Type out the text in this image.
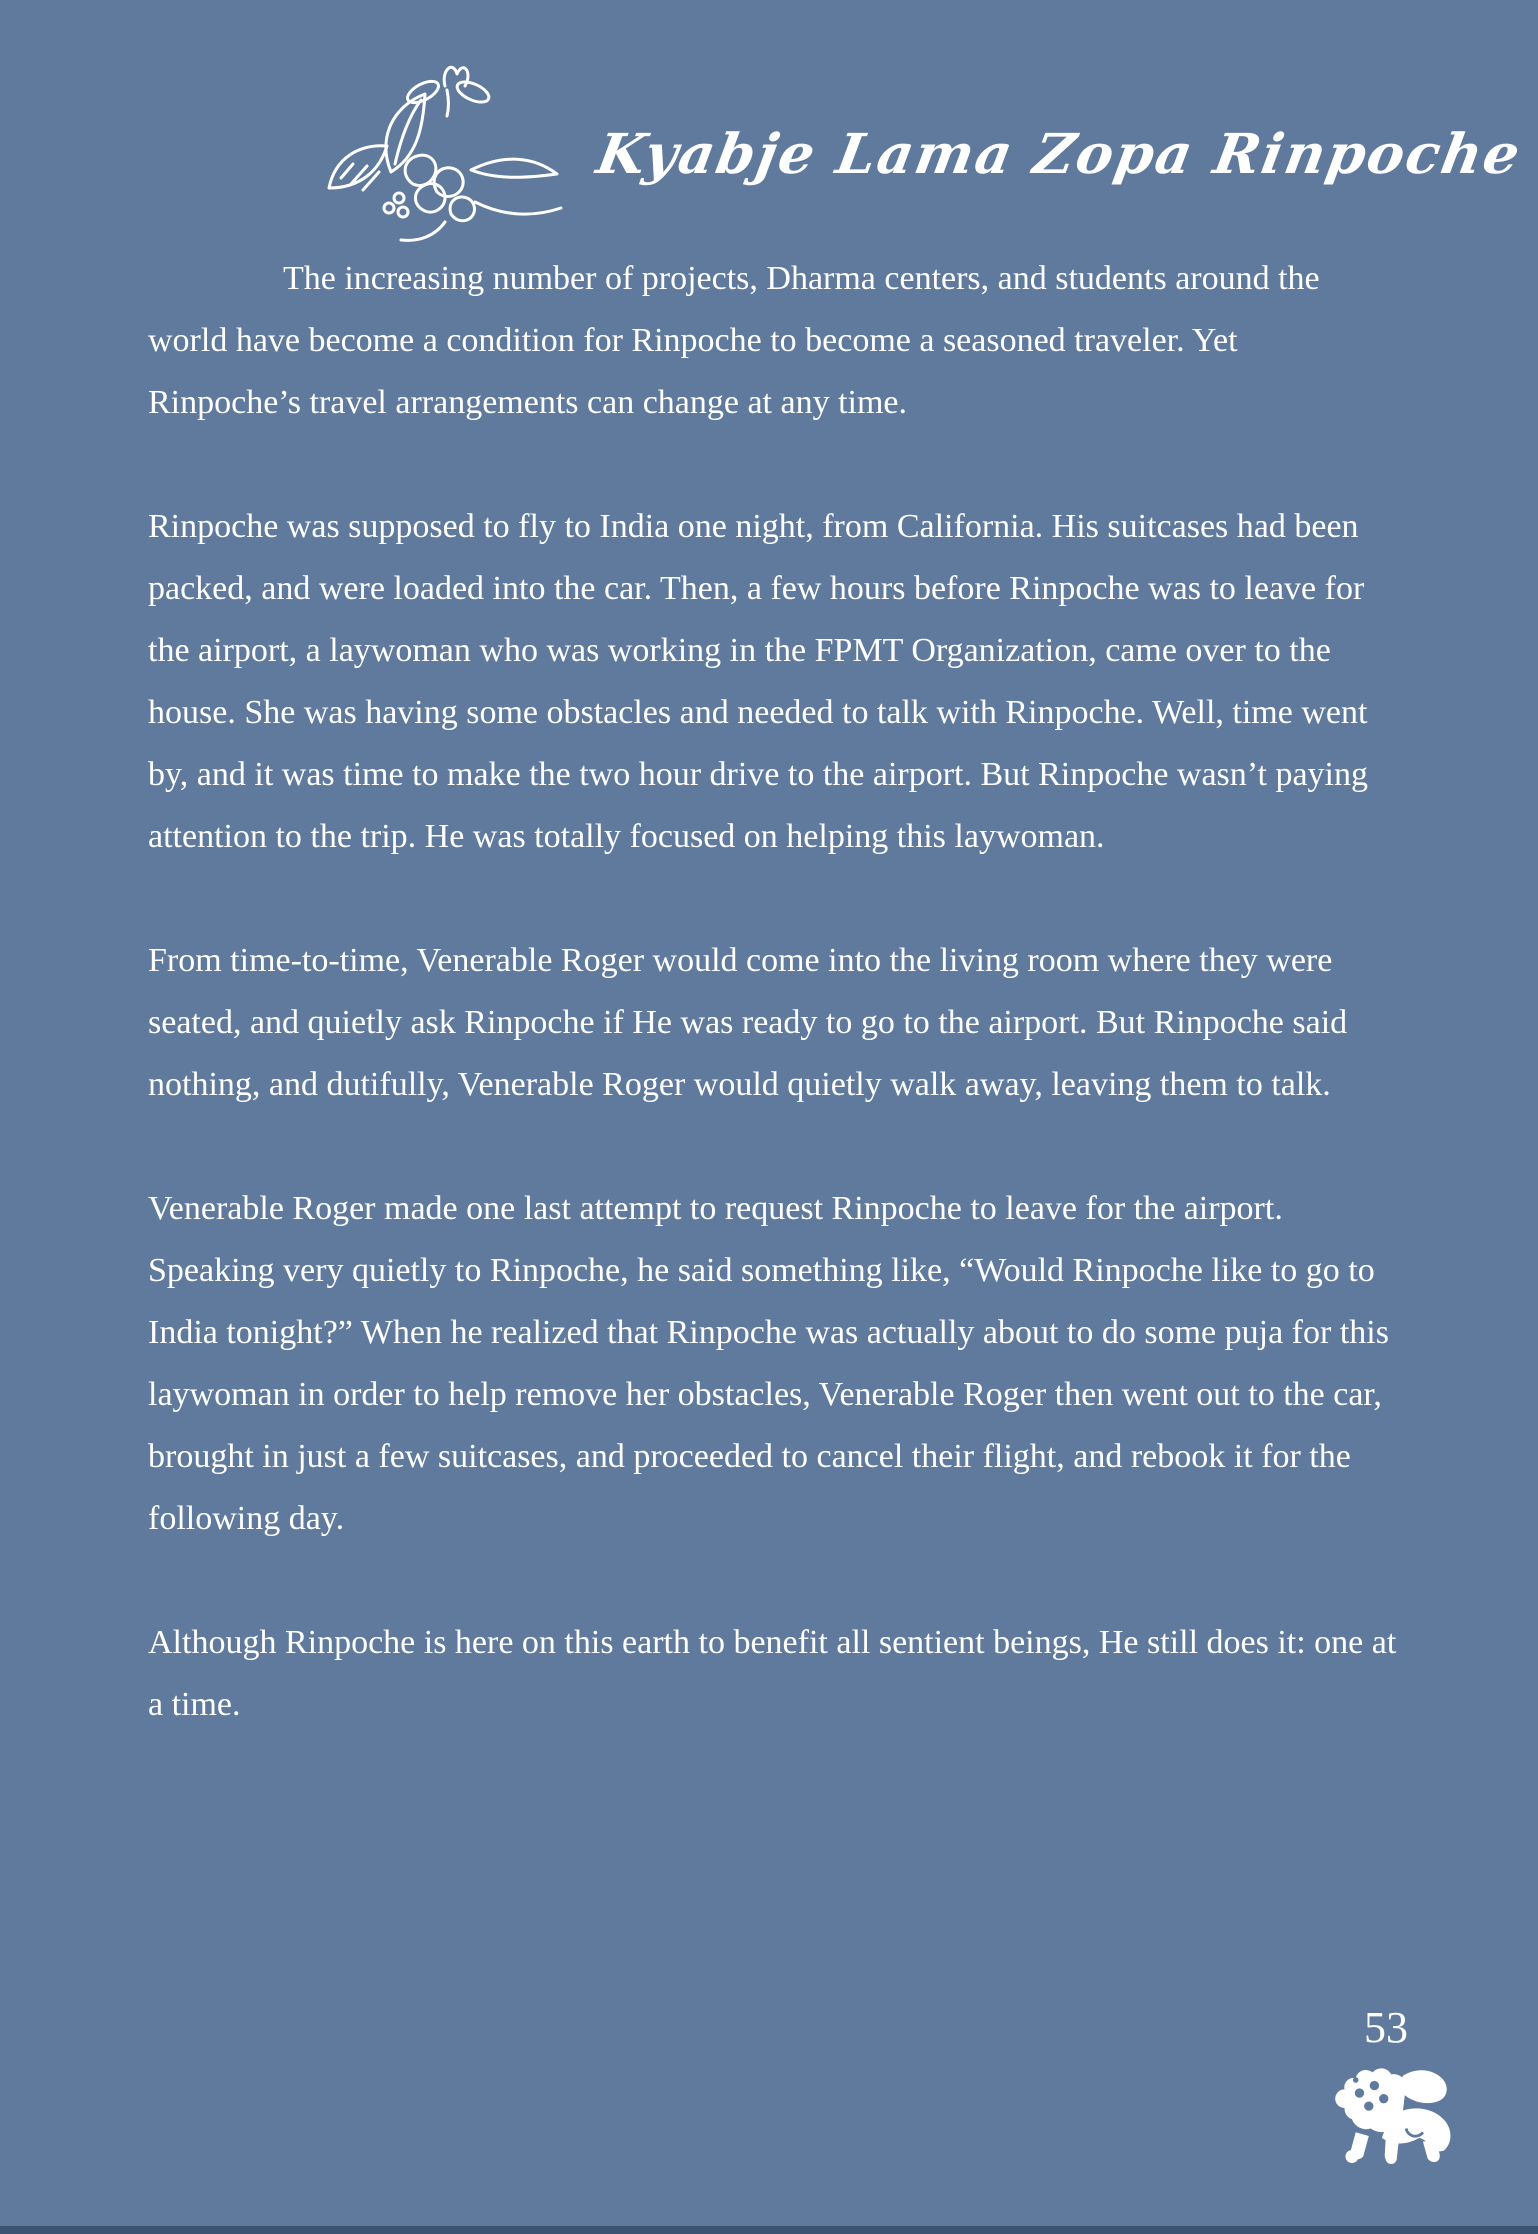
Kyabje Lama Zopa Rinpoche

The increasing number of projects, Dharma centers, and students around the world have become a condition for Rinpoche to become a seasoned traveler. Yet Rinpoche’s travel arrangements can change at any time.

Rinpoche was supposed to fly to India one night, from California. His suitcases had been packed, and were loaded into the car. Then, a few hours before Rinpoche was to leave for the airport, a laywoman who was working in the FPMT Organization, came over to the house. She was having some obstacles and needed to talk with Rinpoche. Well, time went by, and it was time to make the two hour drive to the airport. But Rinpoche wasn’t paying attention to the trip. He was totally focused on helping this laywoman.

From time-to-time, Venerable Roger would come into the living room where they were seated, and quietly ask Rinpoche if He was ready to go to the airport. But Rinpoche said nothing, and dutifully, Venerable Roger would quietly walk away, leaving them to talk.

Venerable Roger made one last attempt to request Rinpoche to leave for the airport. Speaking very quietly to Rinpoche, he said something like, “Would Rinpoche like to go to India tonight?” When he realized that Rinpoche was actually about to do some puja for this laywoman in order to help remove her obstacles, Venerable Roger then went out to the car, brought in just a few suitcases, and proceeded to cancel their flight, and rebook it for the following day.

Although Rinpoche is here on this earth to benefit all sentient beings, He still does it: one at a time.

53
